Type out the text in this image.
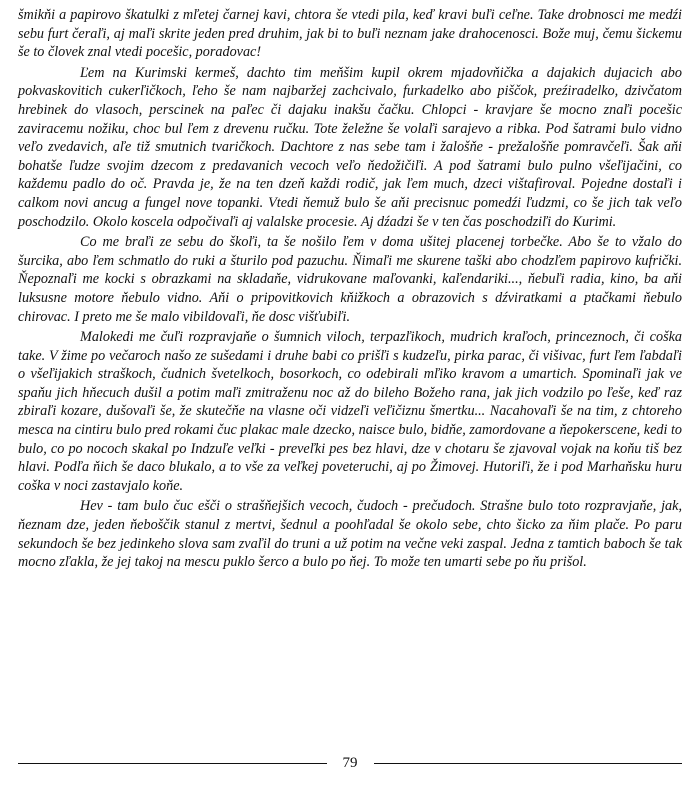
šmikňi a papirovo škatulki z mľetej čarnej kavi, chtora še vtedi pila, keď kravi buľi ceľne. Take drobnosci me medźi sebu furt čeraľi, aj maľi skrite jeden pred druhim, jak bi to buľi neznam jake drahocenosci. Bože muj, čemu šickemu še to človek znal vtedi pocešic, poradovac!

Ľem na Kurimski kermeš, dachto tim meňšim kupil okrem mjadovňička a dajakich dujacich abo pokvaskovitich cukerľičkoch, ľeho še nam najbaržej zachcivalo, furkadelko abo piščok, preźiradelko, dzivčatom hrebinek do vlasoch, perscinek na paľec či dajaku inakšu čačku. Chlopci - kravjare še mocno znaľi pocešic zaviracemu nožiku, choc bul ľem z drevenu ručku. Tote želežne še volaľi sarajevo a ribka. Pod šatrami bulo vidno veľo zvedavich, aľe tiž smutnich tvaričkoch. Dachtore z nas sebe tam i žalošňe - prežalošňe pomravčeľi. Šak aňi bohatše ľudze svojim dzecom z predavanich vecoch veľo ňedožičiľi. A pod šatrami bulo pulno všeľijačini, co každemu padlo do oč. Pravda je, že na ten dzeň každi rodič, jak ľem much, dzeci vištafiroval. Pojedne dostaľi i calkom novi ancug a fungel nove topanki. Vtedi ňemuž bulo še aňi precisnuc pomedźi ľudzmi, co še jich tak veľo poschodzilo. Okolo koscela odpočivaľi aj valalske procesie. Aj dźadzi še v ten čas poschodziľi do Kurimi.

Co me braľi ze sebu do škoľi, ta še nošilo ľem v doma ušitej placenej torbečke. Abo še to vžalo do šurcika, abo ľem schmatlo do ruki a šturilo pod pazuchu. Ňimaľi me skurene taški abo chodzľem papirovo kufrički. Ňepoznaľi me kocki s obrazkami na skladaňe, vidrukovane maľovanki, kaľendariki..., ňebuľi radia, kino, ba aňi luksusne motore ňebulo vidno. Aňi o pripovitkovich kňižkoch a obrazovich s dźviratkami a ptačkami ňebulo chirovac. I preto me še malo vibildovaľi, ňe dosc višťubiľi.

Malokedi me čuľi rozpravjaňe o šumnich viloch, terpazľikoch, mudrich kraľoch, princeznoch, či coška take. V žime po večaroch našo ze sušedami i druhe babi co prišľi s kudzeľu, pirka parac, či višivac, furt ľem ľabdaľi o všeľijakich straškoch, čudnich švetelkoch, bosorkoch, co odebirali mľiko kravom a umartich. Spominaľi jak ve spaňu jich hňecuch dušil a potim maľi zmitraženu noc až do bileho Božeho rana, jak jich vodzilo po ľeše, keď raz zbiraľi kozare, dušovaľi še, že skutečňe na vlasne oči vidzeľi veľičiznu šmertku... Nacahovaľi še na tim, z chtoreho mesca na cintiru bulo pred rokami čuc plakac male dzecko, naisce bulo, bidňe, zamordovane a ňepokerscene, kedi to bulo, co po nococh skakal po Indzuľe veľki - preveľki pes bez hlavi, dze v chotaru še zjavoval vojak na koňu tiš bez hlavi. Podľa ňich še daco blukalo, a to vše za veľkej poveteruchi, aj po Žimovej. Hutoriľi, že i pod Marhaňsku huru coška v noci zastavjalo koňe.

Hev - tam bulo čuc ešči o strašňejšich vecoch, čudoch - prečudoch. Strašne bulo toto rozpravjaňe, jak, ňeznam dze, jeden ňeboščik stanul z mertvi, šednul a poohľadal še okolo sebe, chto šicko za ňim plače. Po paru sekundoch še bez jedinkeho slova sam zvaľil do truni a už potim na večne veki zaspal. Jedna z tamtich baboch še tak mocno zľakla, že jej takoj na mescu puklo šerco a bulo po ňej. To može ten umarti sebe po ňu prišol.

79
